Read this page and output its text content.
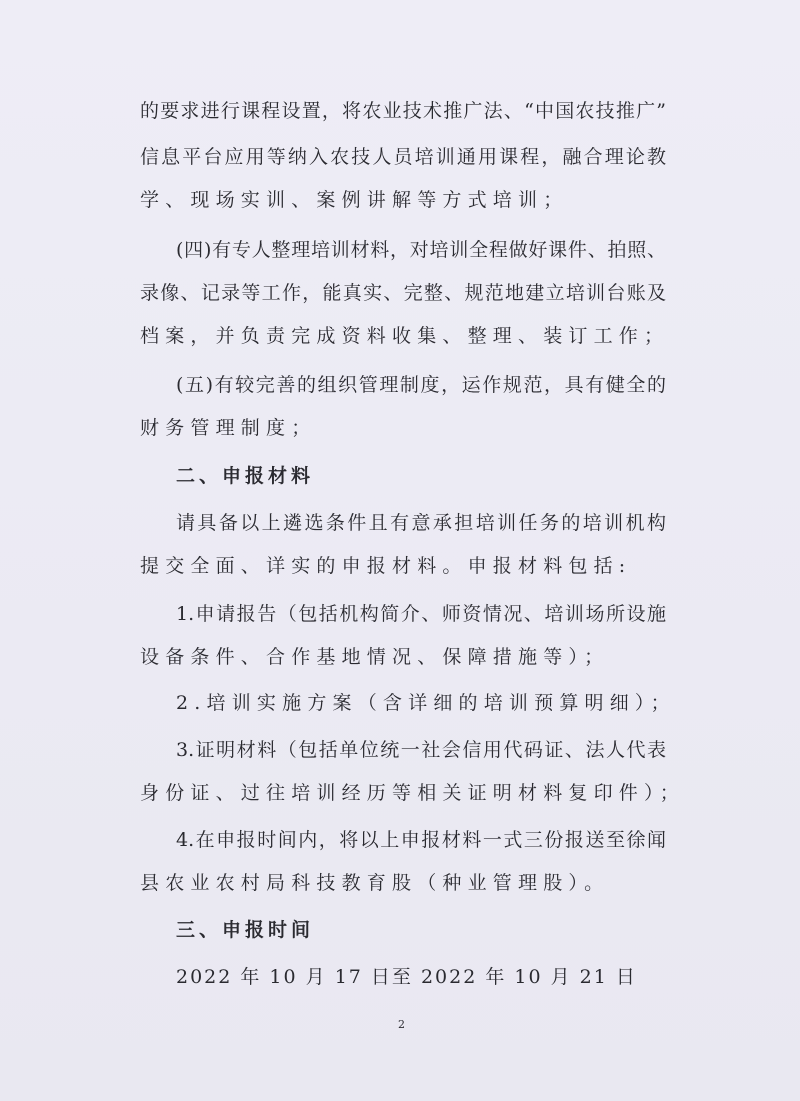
的要求进行课程设置，将农业技术推广法、“中国农技推广”
信息平台应用等纳入农技人员培训通用课程，融合理论教
学、现场实训、案例讲解等方式培训；
(四)有专人整理培训材料，对培训全程做好课件、拍照、
录像、记录等工作，能真实、完整、规范地建立培训台账及
档案，并负责完成资料收集、整理、装订工作；
(五)有较完善的组织管理制度，运作规范，具有健全的
财务管理制度；
二、申报材料
请具备以上遴选条件且有意承担培训任务的培训机构
提交全面、详实的申报材料。申报材料包括:
1.申请报告（包括机构简介、师资情况、培训场所设施
设备条件、合作基地情况、保障措施等）；
2.培训实施方案（含详细的培训预算明细）；
3.证明材料（包括单位统一社会信用代码证、法人代表
身份证、过往培训经历等相关证明材料复印件）；
4.在申报时间内，将以上申报材料一式三份报送至徐闻
县农业农村局科技教育股（种业管理股）。
三、申报时间
2022 年 10 月 17 日至 2022 年 10 月 21 日
2
